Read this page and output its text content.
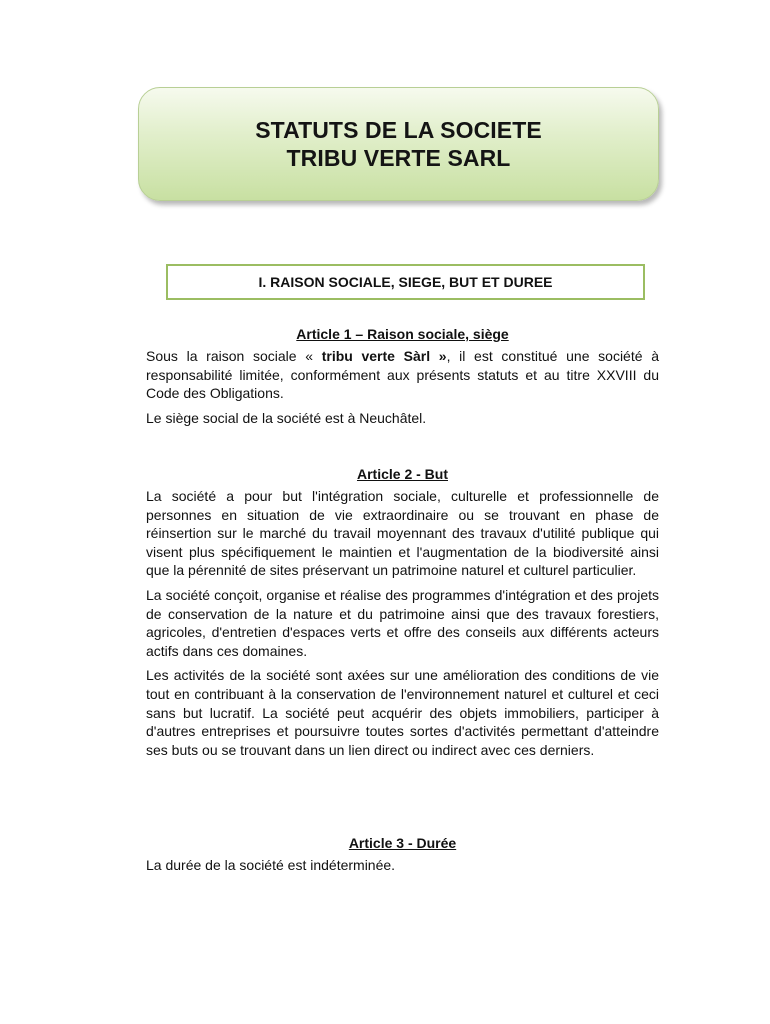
STATUTS DE LA SOCIETE
TRIBU VERTE SARL
I. RAISON SOCIALE, SIEGE, BUT ET DUREE
Article 1 – Raison sociale, siège

Sous la raison sociale « tribu verte Sàrl », il est constitué une société à responsabilité limitée, conformément aux présents statuts et au titre XXVIII du Code des Obligations.

Le siège social de la société est à Neuchâtel.

Article 2 - But

La société a pour but l'intégration sociale, culturelle et professionnelle de personnes en situation de vie extraordinaire ou se trouvant en phase de réinsertion sur le marché du travail moyennant des travaux d'utilité publique qui visent plus spécifiquement le maintien et l'augmentation de la biodiversité ainsi que la pérennité de sites préservant un patrimoine naturel et culturel particulier.

La société conçoit, organise et réalise des programmes d'intégration et des projets de conservation de la nature et du patrimoine ainsi que des travaux forestiers, agricoles, d'entretien d'espaces verts et offre des conseils aux différents acteurs actifs dans ces domaines.

Les activités de la société sont axées sur une amélioration des conditions de vie tout en contribuant à la conservation de l'environnement naturel et culturel et ceci sans but lucratif. La société peut acquérir des objets immobiliers, participer à d'autres entreprises et poursuivre toutes sortes d'activités permettant d'atteindre ses buts ou se trouvant dans un lien direct ou indirect avec ces derniers.

Article 3 - Durée

La durée de la société est indéterminée.
